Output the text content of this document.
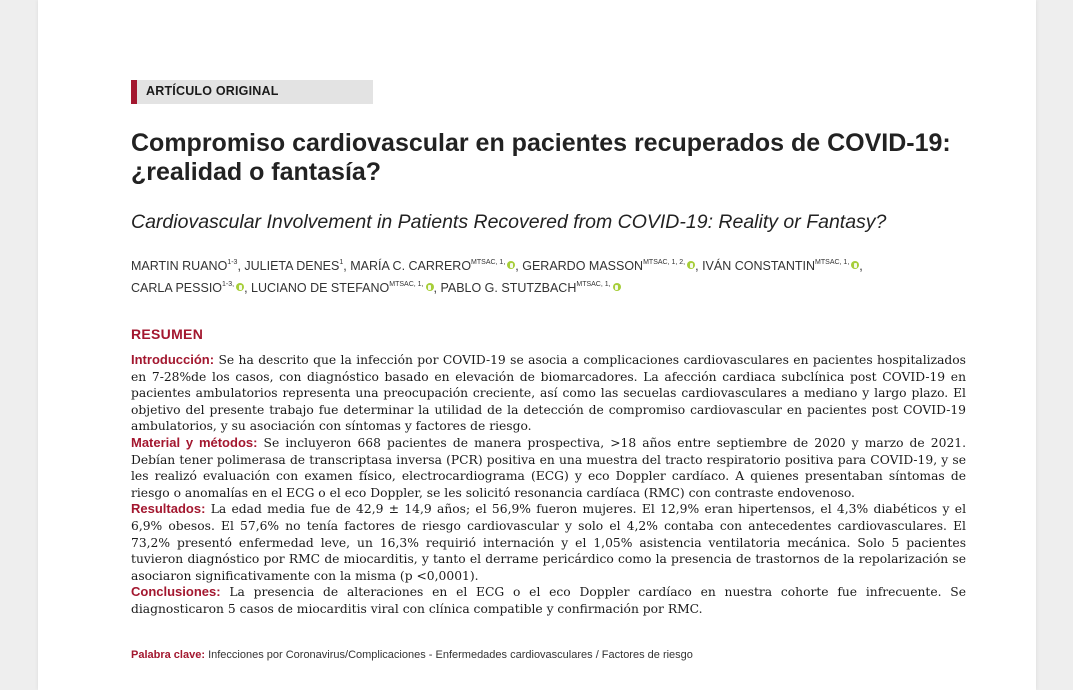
ARTÍCULO ORIGINAL
Compromiso cardiovascular en pacientes recuperados de COVID-19: ¿realidad o fantasía?
Cardiovascular Involvement in Patients Recovered from COVID-19: Reality or Fantasy?
MARTIN RUANO$^{1-3}$, JULIETA DENES$^1$, MARÍA C. $CARRERO^{MTSAC, 1,}$ , GERARDO $MASSON^{MTSAC, 1, 2,}$ , IVÁN $CONSTANTIN^{MTSAC, 1,}$ ,
CARLA $PESSIO^{1-3,}$ , LUCIANO DE $STEFANO^{MTSAC, 1,}$ , PABLO G. $STUTZBACH^{MTSAC, 1,}$
RESUMEN

Introducción: Se ha descrito que la infección por COVID-19 se asocia a complicaciones cardiovasculares en pacientes hospitalizados en 7-28%de los casos, con diagnóstico basado en elevación de biomarcadores. La afección cardiaca subclínica post COVID-19 en pacientes ambulatorios representa una preocupación creciente, así como las secuelas cardiovasculares a mediano y largo plazo. El objetivo del presente trabajo fue determinar la utilidad de la detección de compromiso cardiovascular en pacientes post COVID-19 ambulatorios, y su asociación con síntomas y factores de riesgo.

Material y métodos: Se incluyeron 668 pacientes de manera prospectiva, >18 años entre septiembre de 2020 y marzo de 2021. Debían tener polimerasa de transcriptasa inversa (PCR) positiva en una muestra del tracto respiratorio positiva para COVID-19, y se les realizó evaluación con examen físico, electrocardiograma (ECG) y eco Doppler cardíaco. A quienes presentaban síntomas de riesgo o anomalías en el ECG o el eco Doppler, se les solicitó resonancia cardíaca (RMC) con contraste endovenoso.

Resultados: La edad media fue de 42,9 ± 14,9 años; el 56,9% fueron mujeres. El 12,9% eran hipertensos, el 4,3% diabéticos y el 6,9% obesos. El 57,6% no tenía factores de riesgo cardiovascular y solo el 4,2% contaba con antecedentes cardiovasculares. El 73,2% presentó enfermedad leve, un 16,3% requirió internación y el 1,05% asistencia ventilatoria mecánica. Solo 5 pacientes tuvieron diagnóstico por RMC de miocarditis, y tanto el derrame pericárdico como la presencia de trastornos de la repolarización se asociaron significativamente con la misma (p <0,0001).

Conclusiones: La presencia de alteraciones en el ECG o el eco Doppler cardíaco en nuestra cohorte fue infrecuente. Se diagnosticaron 5 casos de miocarditis viral con clínica compatible y confirmación por RMC.

Palabra clave: Infecciones por Coronavirus/Complicaciones - Enfermedades cardiovasculares / Factores de riesgo
